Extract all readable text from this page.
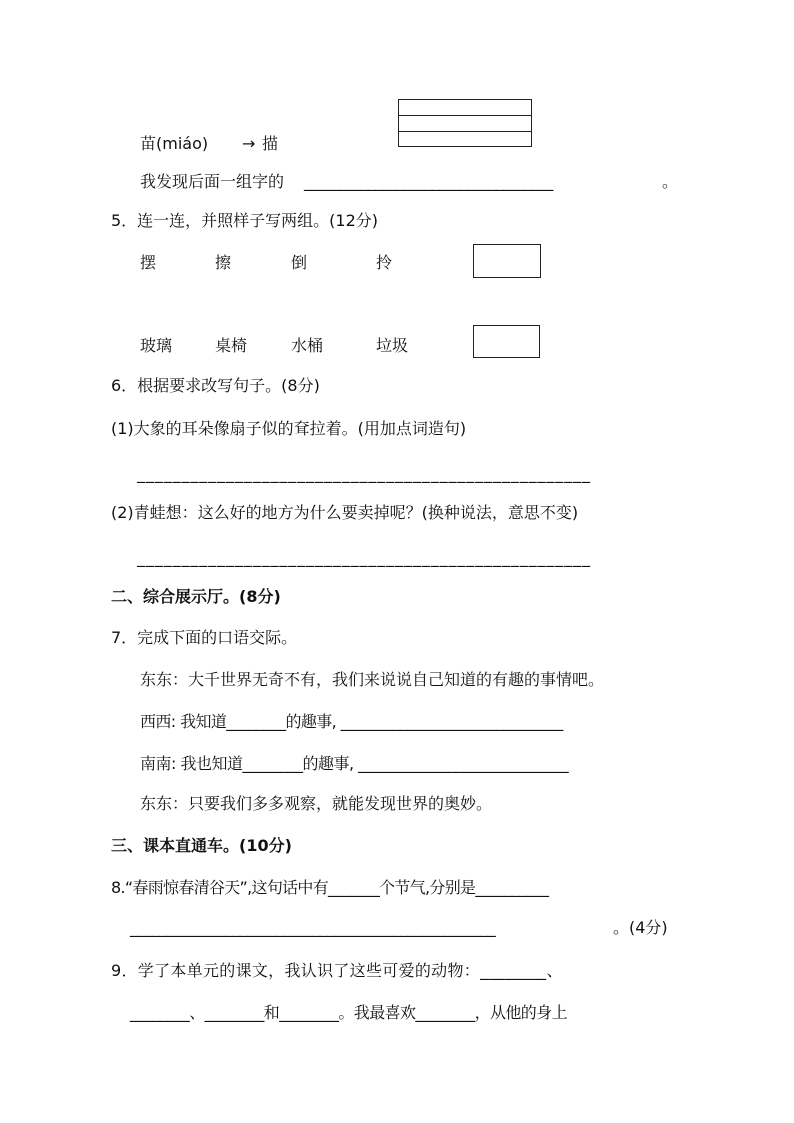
苗(miáo) → 描
我发现后面一组字的 ___________________________________	。
5．连一连，并照样子写两组。(12分)
摆	擦	倒	拎
玻璃	桌椅	水桶	垃圾
6．根据要求改写句子。(8分)
(1)大象的耳朵像扇子似的耷拉着。(用加点词造句)
___________________________________________________
(2)青蛙想：这么好的地方为什么要卖掉呢？(换种说法，意思不变)
___________________________________________________
二、综合展示厅。(8分)
7．完成下面的口语交际。
东东：大千世界无奇不有，我们来说说自己知道的有趣的事情吧。
西西: 我知道________的趣事, ______________________________
南南: 我也知道________的趣事, ____________________________
东东：只要我们多多观察，就能发现世界的奥妙。
三、课本直通车。(10分)
8.“春雨惊春清谷天”,这句话中有_______个节气,分别是__________
__________________________________________________	。(4分)
9．学了本单元的课文，我认识了这些可爱的动物：________、
________、________和________。我最喜欢________，从他的身上
